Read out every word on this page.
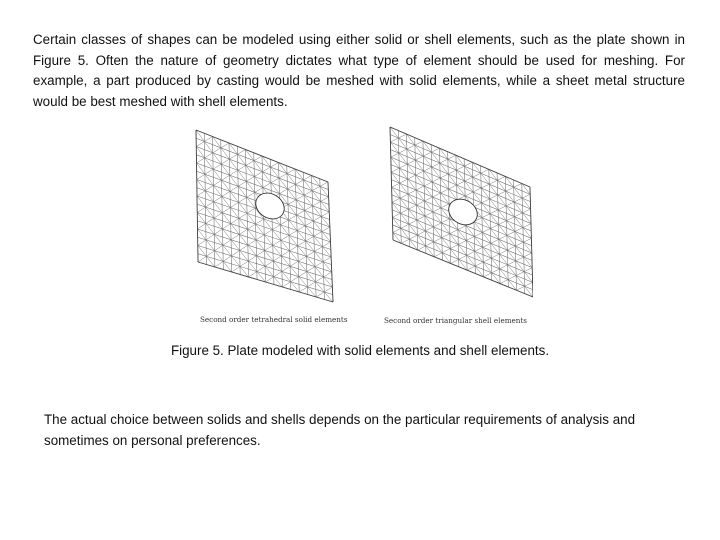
Certain classes of shapes can be modeled using either solid or shell elements, such as the plate shown in Figure 5. Often the nature of geometry dictates what type of element should be used for meshing. For example, a part produced by casting would be meshed with solid elements, while a sheet metal structure would be best meshed with shell elements.

Second order tetrahedral solid elements	Second order triangular shell elements

Figure 5. Plate modeled with solid elements and shell elements.

The actual choice between solids and shells depends on the particular requirements of analysis and sometimes on personal preferences.
